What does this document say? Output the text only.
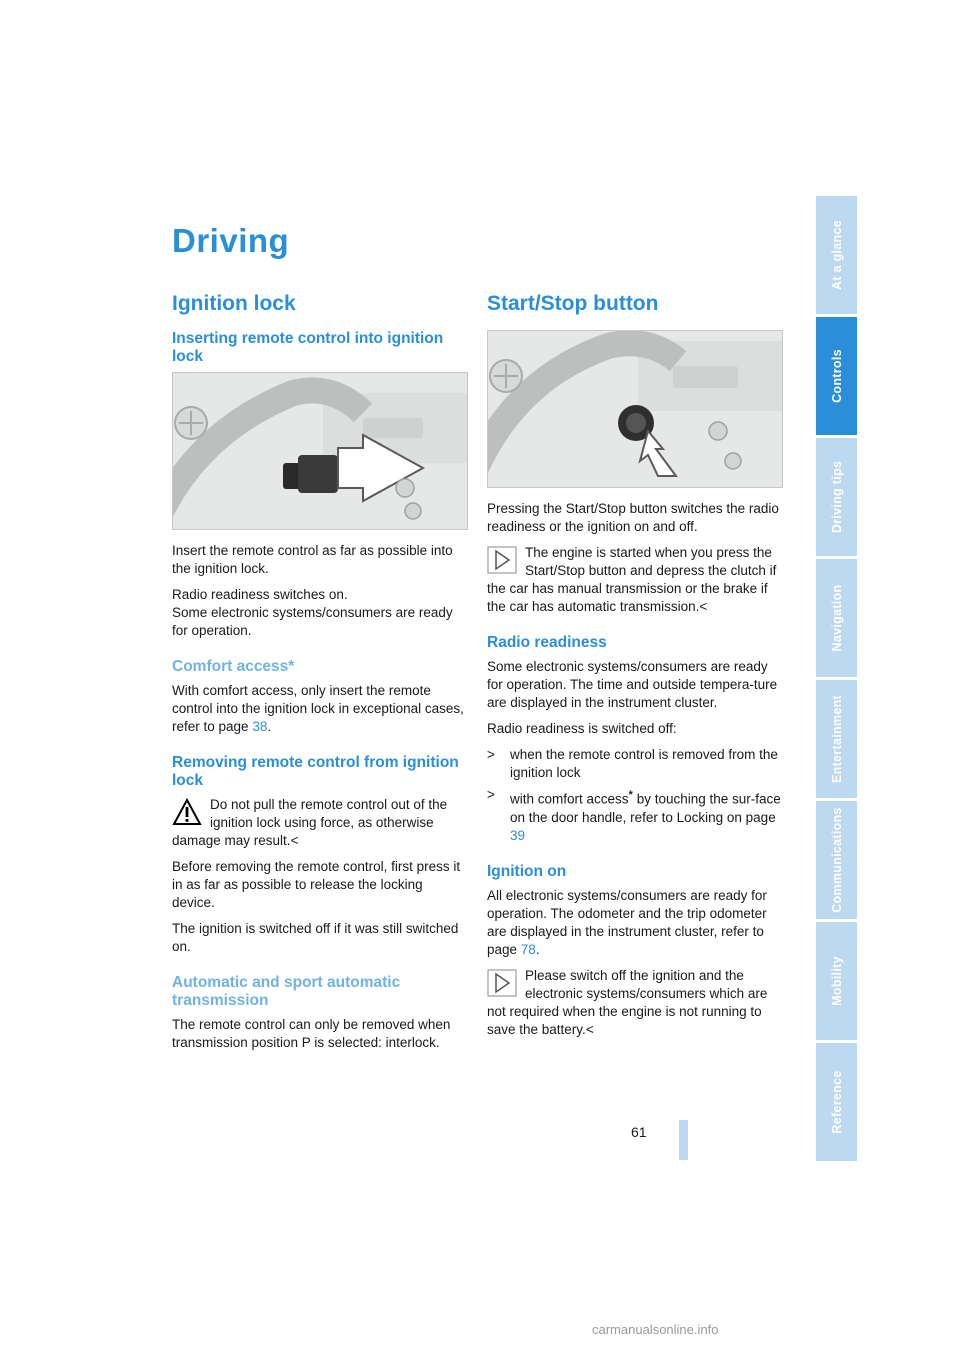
Driving
Ignition lock
Inserting remote control into ignition lock

Insert the remote control as far as possible into the ignition lock.

Radio readiness switches on.

Some electronic systems/consumers are ready for operation.

Comfort access*

With comfort access, only insert the remote control into the ignition lock in exceptional cases, refer to page 38.

Removing remote control from ignition lock

Do not pull the remote control out of the ignition lock using force, as otherwise damage may result.<

Before removing the remote control, first press it in as far as possible to release the locking device.

The ignition is switched off if it was still switched on.

Automatic and sport automatic transmission

The remote control can only be removed when transmission position P is selected: interlock.

Start/Stop button

Pressing the Start/Stop button switches the radio readiness or the ignition on and off.

The engine is started when you press the Start/Stop button and depress the clutch if the car has manual transmission or the brake if the car has automatic transmission.<

Radio readiness

Some electronic systems/consumers are ready for operation. The time and outside tempera-ture are displayed in the instrument cluster.

Radio readiness is switched off:

> when the remote control is removed from the ignition lock
> with comfort access* by touching the sur-face on the door handle, refer to Locking on page 39
Ignition on

All electronic systems/consumers are ready for operation. The odometer and the trip odometer are displayed in the instrument cluster, refer to page 78.

Please switch off the ignition and the electronic systems/consumers which are not required when the engine is not running to save the battery.<

61
At a glance
Controls
Driving tips
Navigation
Entertainment
Communications
Mobility
Reference
carmanualsonline.info
